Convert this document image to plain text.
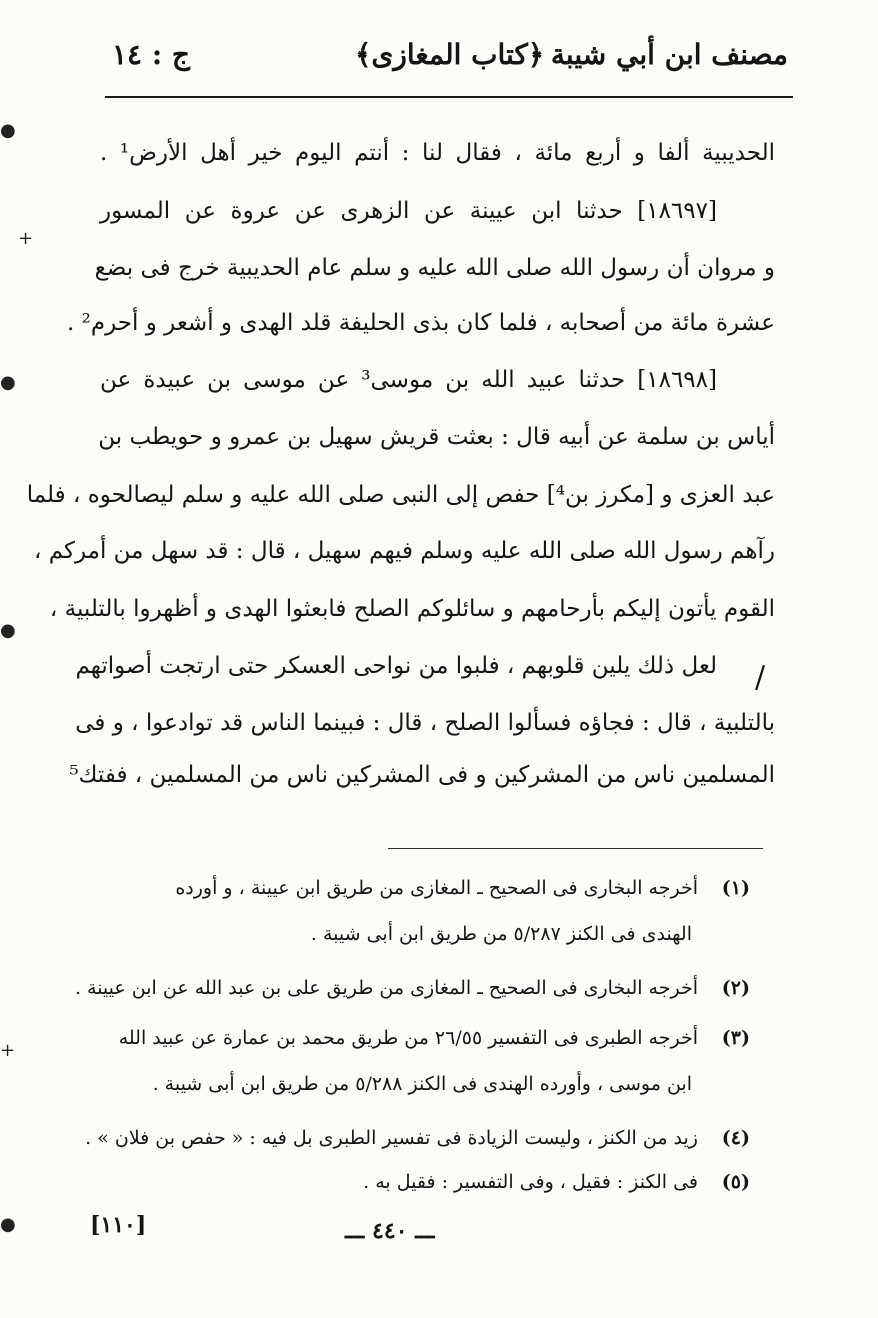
مصنف ابن أبي شيبة
﴿كتاب المغازى﴾
ج : ١٤
الحديبية ألفا و أربع مائة ، فقال لنا : أنتم اليوم خير أهل الأرض¹ .
[١٨٦٩٧] حدثنا ابن عيينة عن الزهرى عن عروة عن المسور
و مروان أن رسول الله صلى الله عليه و سلم عام الحديبية خرج فى بضع
عشرة مائة من أصحابه ، فلما كان بذى الحليفة قلد الهدى و أشعر و أحرم² .
[١٨٦٩٨] حدثنا عبيد الله بن موسى³ عن موسى بن عبيدة عن
أياس بن سلمة عن أبيه قال : بعثت قريش سهيل بن عمرو و حويطب بن
عبد العزى و [مكرز بن⁴] حفص إلى النبى صلى الله عليه و سلم ليصالحوه ، فلما
رآهم رسول الله صلى الله عليه وسلم فيهم سهيل ، قال : قد سهل من أمركم ،
القوم يأتون إليكم بأرحامهم و سائلوكم الصلح فابعثوا الهدى و أظهروا بالتلبية ،
لعل ذلك يلين قلوبهم ، فلبوا من نواحى العسكر حتى ارتجت أصواتهم
بالتلبية ، قال : فجاؤه فسألوا الصلح ، قال : فبينما الناس قد توادعوا ، و فى
المسلمين ناس من المشركين و فى المشركين ناس من المسلمين ، ففتك⁵
/
(١)أخرجه البخارى فى الصحيح ـ المغازى من طريق ابن عيينة ، و أورده
الهندى فى الكنز ٥/٢٨٧ من طريق ابن أبى شيبة .
(٢)أخرجه البخارى فى الصحيح ـ المغازى من طريق على بن عبد الله عن ابن عيينة .
(٣)أخرجه الطبرى فى التفسير ٢٦/٥٥ من طريق محمد بن عمارة عن عبيد الله
ابن موسى ، وأورده الهندى فى الكنز ٥/٢٨٨ من طريق ابن أبى شيبة .
(٤)زيد من الكنز ، وليست الزيادة فى تفسير الطبرى بل فيه : « حفص بن فلان » .
(٥)فى الكنز : فقيل ، وفى التفسير : فقيل به .
[١١٠]	ـــ ٤٤٠ ـــ
●
+
●
●
+
●
